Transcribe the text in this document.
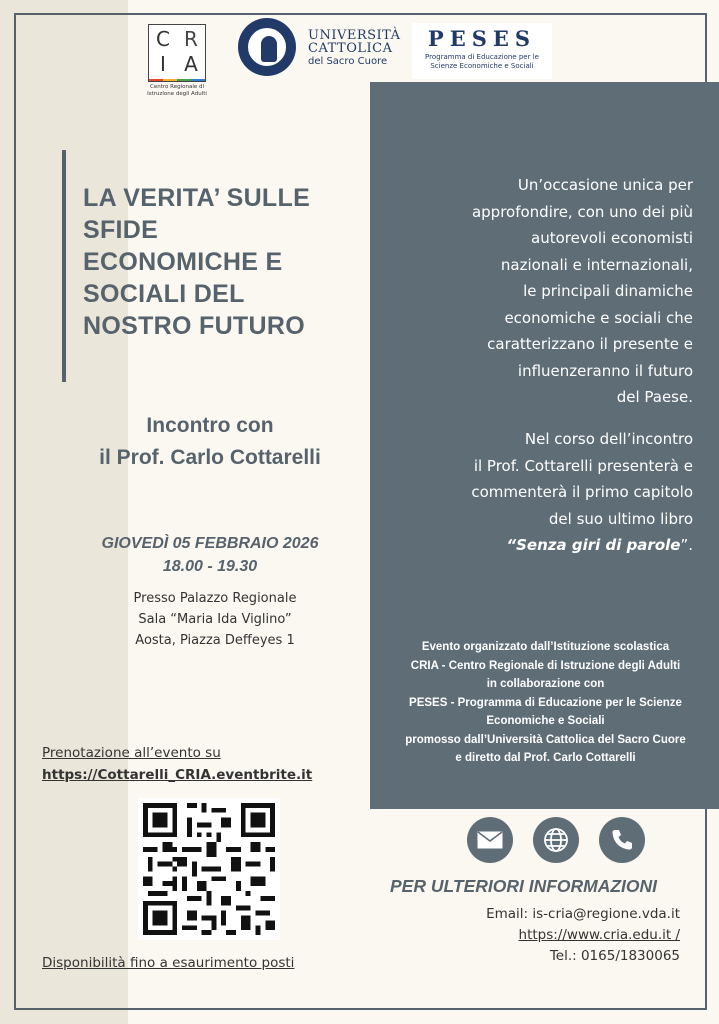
C R
I A
Centro Regionale di Istruzione degli Adulti
UNIVERSITÀ
CATTOLICA
del Sacro Cuore
PESES
Programma di Educazione per le Scienze Economiche e Sociali
LA VERITA’ SULLE
SFIDE
ECONOMICHE E
SOCIALI DEL
NOSTRO FUTURO
Incontro con
il Prof. Carlo Cottarelli
GIOVEDÌ 05 FEBBRAIO 2026
18.00 - 19.30
Presso Palazzo Regionale
Sala “Maria Ida Viglino”
Aosta, Piazza Deffeyes 1
Un’occasione unica per
approfondire, con uno dei più
autorevoli economisti
nazionali e internazionali,
le principali dinamiche
economiche e sociali che
caratterizzano il presente e
influenzeranno il futuro
del Paese.
Nel corso dell’incontro
il Prof. Cottarelli presenterà e
commenterà il primo capitolo
del suo ultimo libro
“Senza giri di parole”.
Evento organizzato dall’Istituzione scolastica
CRIA - Centro Regionale di Istruzione degli Adulti
in collaborazione con
PESES - Programma di Educazione per le Scienze
Economiche e Sociali
promosso dall’Università Cattolica del Sacro Cuore
e diretto dal Prof. Carlo Cottarelli
Prenotazione all’evento su
https://Cottarelli_CRIA.eventbrite.it
Disponibilità fino a esaurimento posti
PER ULTERIORI INFORMAZIONI
Email: is-cria@regione.vda.it
https://www.cria.edu.it /
Tel.: 0165/1830065
